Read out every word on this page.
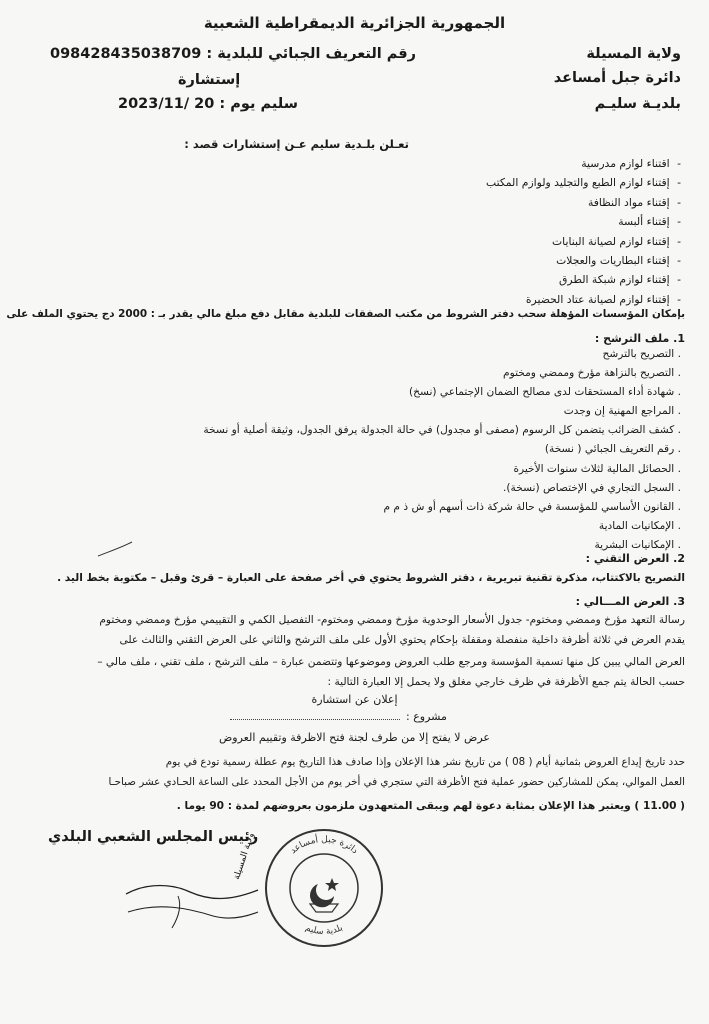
الجمهورية الجزائرية الديمقراطية الشعبية
ولاية المسيلة
دائرة جبل أمساعد
بلديـة سليـم
رقم التعريف الجبائي للبلدية : 098428435038709
إستشارة
سليم يوم : 2023/11/ 20
تعـلن بلـدية سليم عـن إستشارات قصد :
- اقتناء لوازم مدرسية
- إقتناء لوازم الطبع والتجليد ولوازم المكتب
- إقتناء مواد النظافة
- إقتناء ألبسة
- إقتناء لوازم لصيانة البنايات
- إقتناء البطاريات والعجلات
- إقتناء لوازم شبكة الطرق
- إقتناء لوازم لصيانة عتاد الحضيرة
بإمكان المؤسسات المؤهلة سحب دفتر الشروط من مكتب الصفقات للبلدية مقابل دفع مبلغ مالي يقدر بـ : 2000 دج يحتوي الملف على
1. ملف الترشح :
. التصريح بالترشح
. التصريح بالنزاهة مؤرخ وممضي ومختوم
. شهادة أداء المستحقات لدى مصالح الضمان الإجتماعي (نسخ)
. المراجع المهنية إن وجدت
. كشف الضرائب يتضمن كل الرسوم (مصفى أو مجدول) في حالة الجدولة يرفق الجدول، وثيقة أصلية أو نسخة
. رقم التعريف الجبائي ( نسخة)
. الحصائل المالية لثلاث سنوات الأخيرة
. السجل التجاري في الإختصاص (نسخة).
. القانون الأساسي للمؤسسة في حالة شركة ذات أسهم أو ش ذ م م
. الإمكانيات المادية
. الإمكانيات البشرية
2. العرض التقني :
التصريح بالاكتتاب، مذكرة تقنية تبريرية ، دفتر الشروط يحتوي في أخر صفحة على العبارة – قرئ وقبل – مكتوبة بخط اليد .
3. العرض المـــالي :
رسالة التعهد مؤرخ وممضي ومختوم- جدول الأسعار الوحدوية مؤرخ وممضي ومختوم- التفصيل الكمي و التقييمي مؤرخ وممضي ومختوم
يقدم العرض في ثلاثة أظرفة داخلية منفصلة ومقفلة بإحكام يحتوي الأول على ملف الترشح والثاني على العرض التقني والثالث على
العرض المالي يبين كل منها تسمية المؤسسة ومرجع طلب العروض وموضوعها وتتضمن عبارة – ملف الترشح ، ملف تقني ، ملف مالي –
حسب الحالة يتم جمع الأظرفة في ظرف خارجي مغلق ولا يحمل إلا العبارة التالية :
إعلان عن استشارة
مشروع :
عرض لا يفتح إلا من طرف لجنة فتح الاظرفة وتقييم العروض
حدد تاريخ إيداع العروض بثمانية أيام ( 08 ) من تاريخ نشر هذا الإعلان وإذا صادف هذا التاريخ يوم عطلة رسمية تودع في يوم
العمل الموالي، يمكن للمشاركين حضور عملية فتح الأظرفة التي ستجري في أخر يوم من الأجل المحدد على الساعة الحـادي عشر صباحـا
( 11.00 ) ويعتبر هذا الإعلان بمثابة دعوة لهم ويبقى المتعهدون ملزمون بعروضهم لمدة : 90 يوما .
رئيس المجلس الشعبي البلدي
دائرة جبل أمساعد
بلدية سليم
ولاية المسيلة
